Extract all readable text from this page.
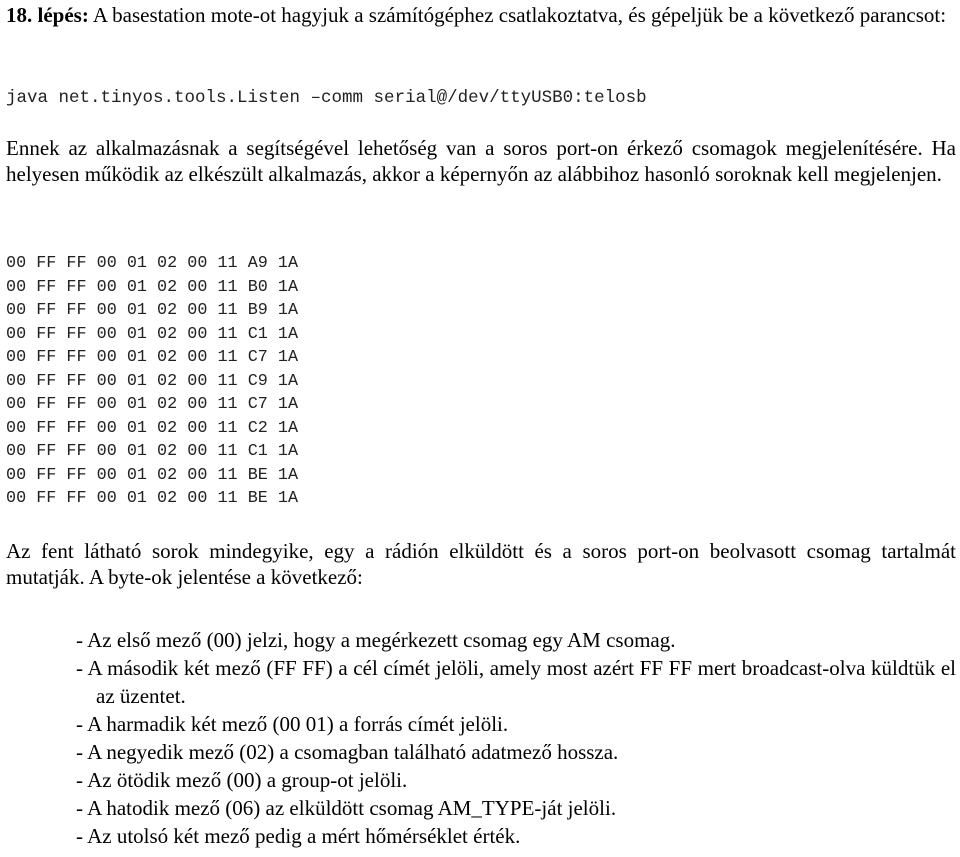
18. lépés: A basestation mote-ot hagyjuk a számítógéphez csatlakoztatva, és gépeljük be a következő parancsot:
java net.tinyos.tools.Listen –comm serial@/dev/ttyUSB0:telosb
Ennek az alkalmazásnak a segítségével lehetőség van a soros port-on érkező csomagok megjelenítésére. Ha helyesen működik az elkészült alkalmazás, akkor a képernyőn az alábbihoz hasonló soroknak kell megjelenjen.
00 FF FF 00 01 02 00 11 A9 1A
00 FF FF 00 01 02 00 11 B0 1A
00 FF FF 00 01 02 00 11 B9 1A
00 FF FF 00 01 02 00 11 C1 1A
00 FF FF 00 01 02 00 11 C7 1A
00 FF FF 00 01 02 00 11 C9 1A
00 FF FF 00 01 02 00 11 C7 1A
00 FF FF 00 01 02 00 11 C2 1A
00 FF FF 00 01 02 00 11 C1 1A
00 FF FF 00 01 02 00 11 BE 1A
00 FF FF 00 01 02 00 11 BE 1A
Az fent látható sorok mindegyike, egy a rádión elküldött és a soros port-on beolvasott csomag tartalmát mutatják. A byte-ok jelentése a következő:
- Az első mező (00) jelzi, hogy a megérkezett csomag egy AM csomag.
- A második két mező (FF FF) a cél címét jelöli, amely most azért FF FF mert broadcast-olva küldtük el az üzentet.
- A harmadik két mező (00 01) a forrás címét jelöli.
- A negyedik mező (02) a csomagban található adatmező hossza.
- Az ötödik mező (00) a group-ot jelöli.
- A hatodik mező (06) az elküldött csomag AM_TYPE-ját jelöli.
- Az utolsó két mező pedig a mért hőmérséklet érték.
